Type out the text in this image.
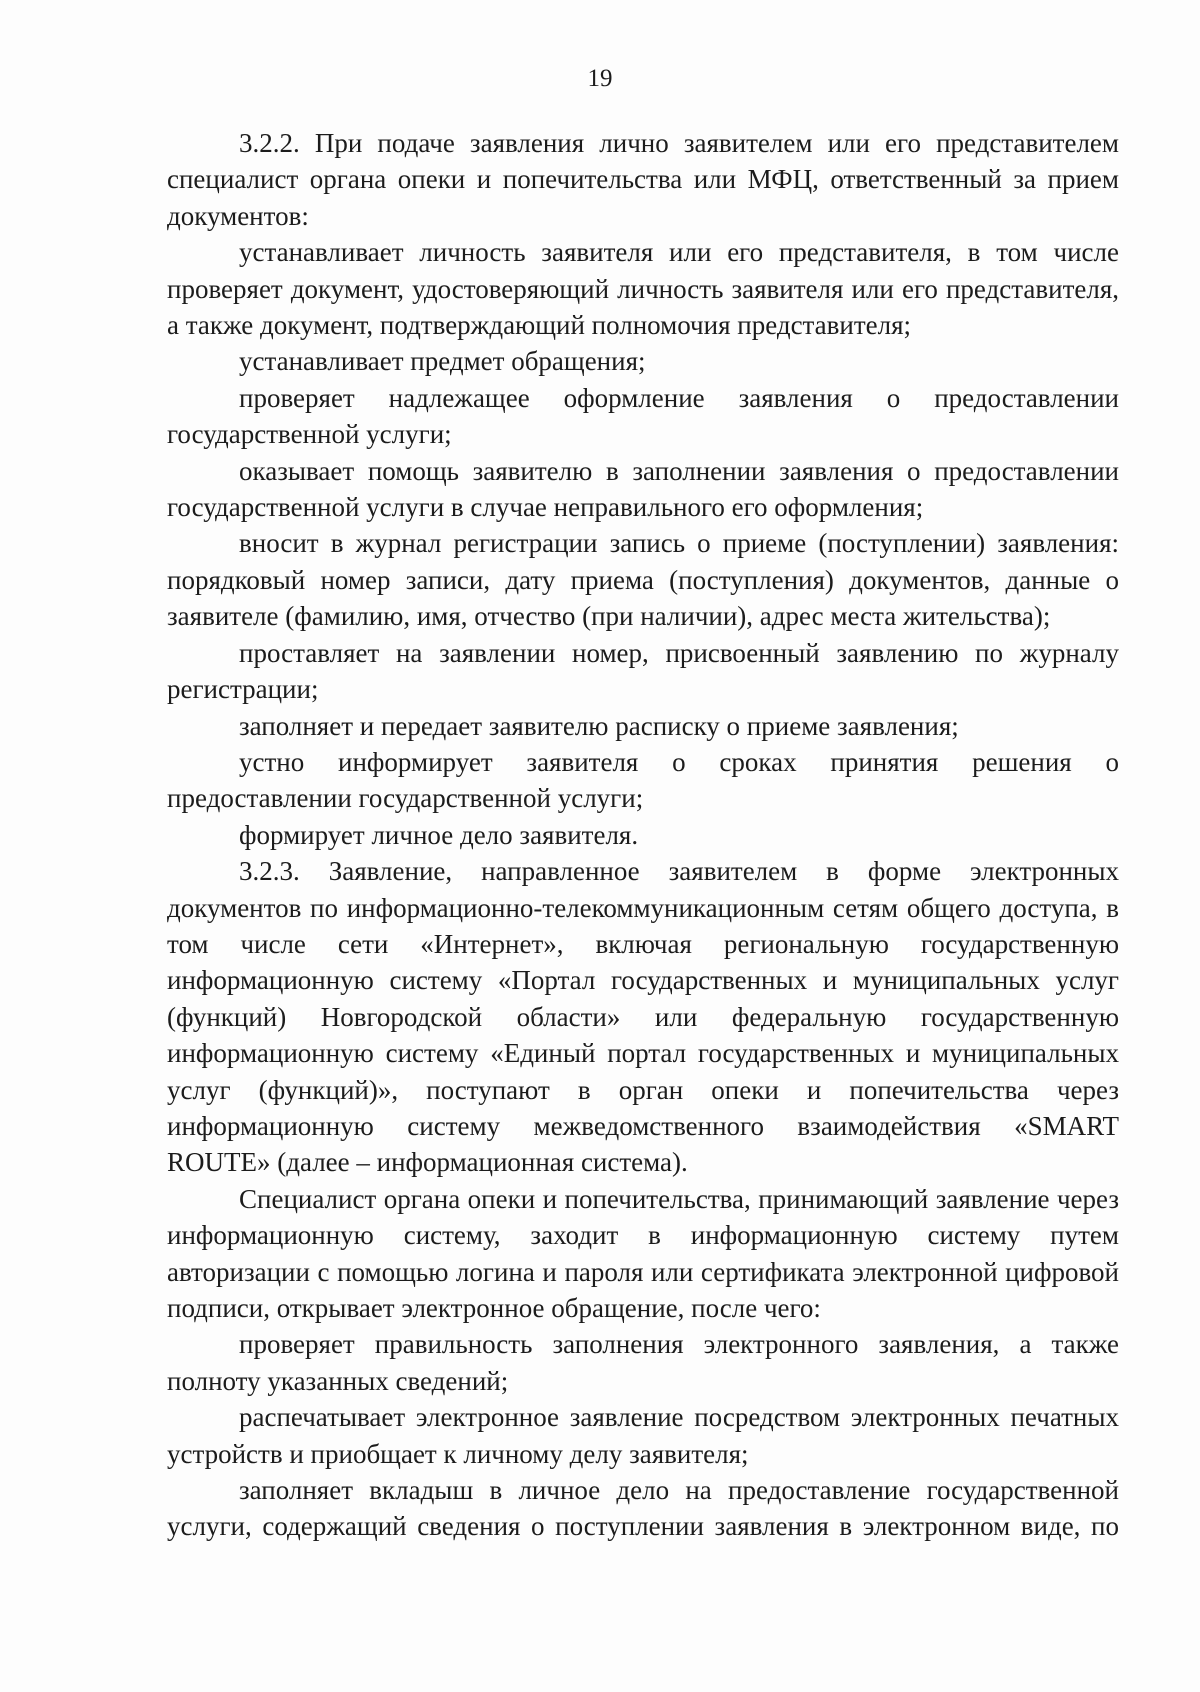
19

3.2.2. При подаче заявления лично заявителем или его представителем специалист органа опеки и попечительства или МФЦ, ответственный за прием документов:

устанавливает личность заявителя или его представителя, в том числе проверяет документ, удостоверяющий личность заявителя или его представителя, а также документ, подтверждающий полномочия представителя;

устанавливает предмет обращения;

проверяет надлежащее оформление заявления о предоставлении государственной услуги;

оказывает помощь заявителю в заполнении заявления о предоставлении государственной услуги в случае неправильного его оформления;

вносит в журнал регистрации запись о приеме (поступлении) заявления: порядковый номер записи, дату приема (поступления) документов, данные о заявителе (фамилию, имя, отчество (при наличии), адрес места жительства);

проставляет на заявлении номер, присвоенный заявлению по журналу регистрации;

заполняет и передает заявителю расписку о приеме заявления;

устно информирует заявителя о сроках принятия решения о предоставлении государственной услуги;

формирует личное дело заявителя.

3.2.3. Заявление, направленное заявителем в форме электронных документов по информационно-телекоммуникационным сетям общего доступа, в том числе сети «Интернет», включая региональную государственную информационную систему «Портал государственных и муниципальных услуг (функций) Новгородской области» или федеральную государственную информационную систему «Единый портал государственных и муниципальных услуг (функций)», поступают в орган опеки и попечительства через информационную систему межведомственного взаимодействия «SMART ROUTE» (далее – информационная система).

Специалист органа опеки и попечительства, принимающий заявление через информационную систему, заходит в информационную систему путем авторизации с помощью логина и пароля или сертификата электронной цифровой подписи, открывает электронное обращение, после чего:

проверяет правильность заполнения электронного заявления, а также полноту указанных сведений;

распечатывает электронное заявление посредством электронных печатных устройств и приобщает к личному делу заявителя;

заполняет вкладыш в личное дело на предоставление государственной услуги, содержащий сведения о поступлении заявления в электронном виде, по
